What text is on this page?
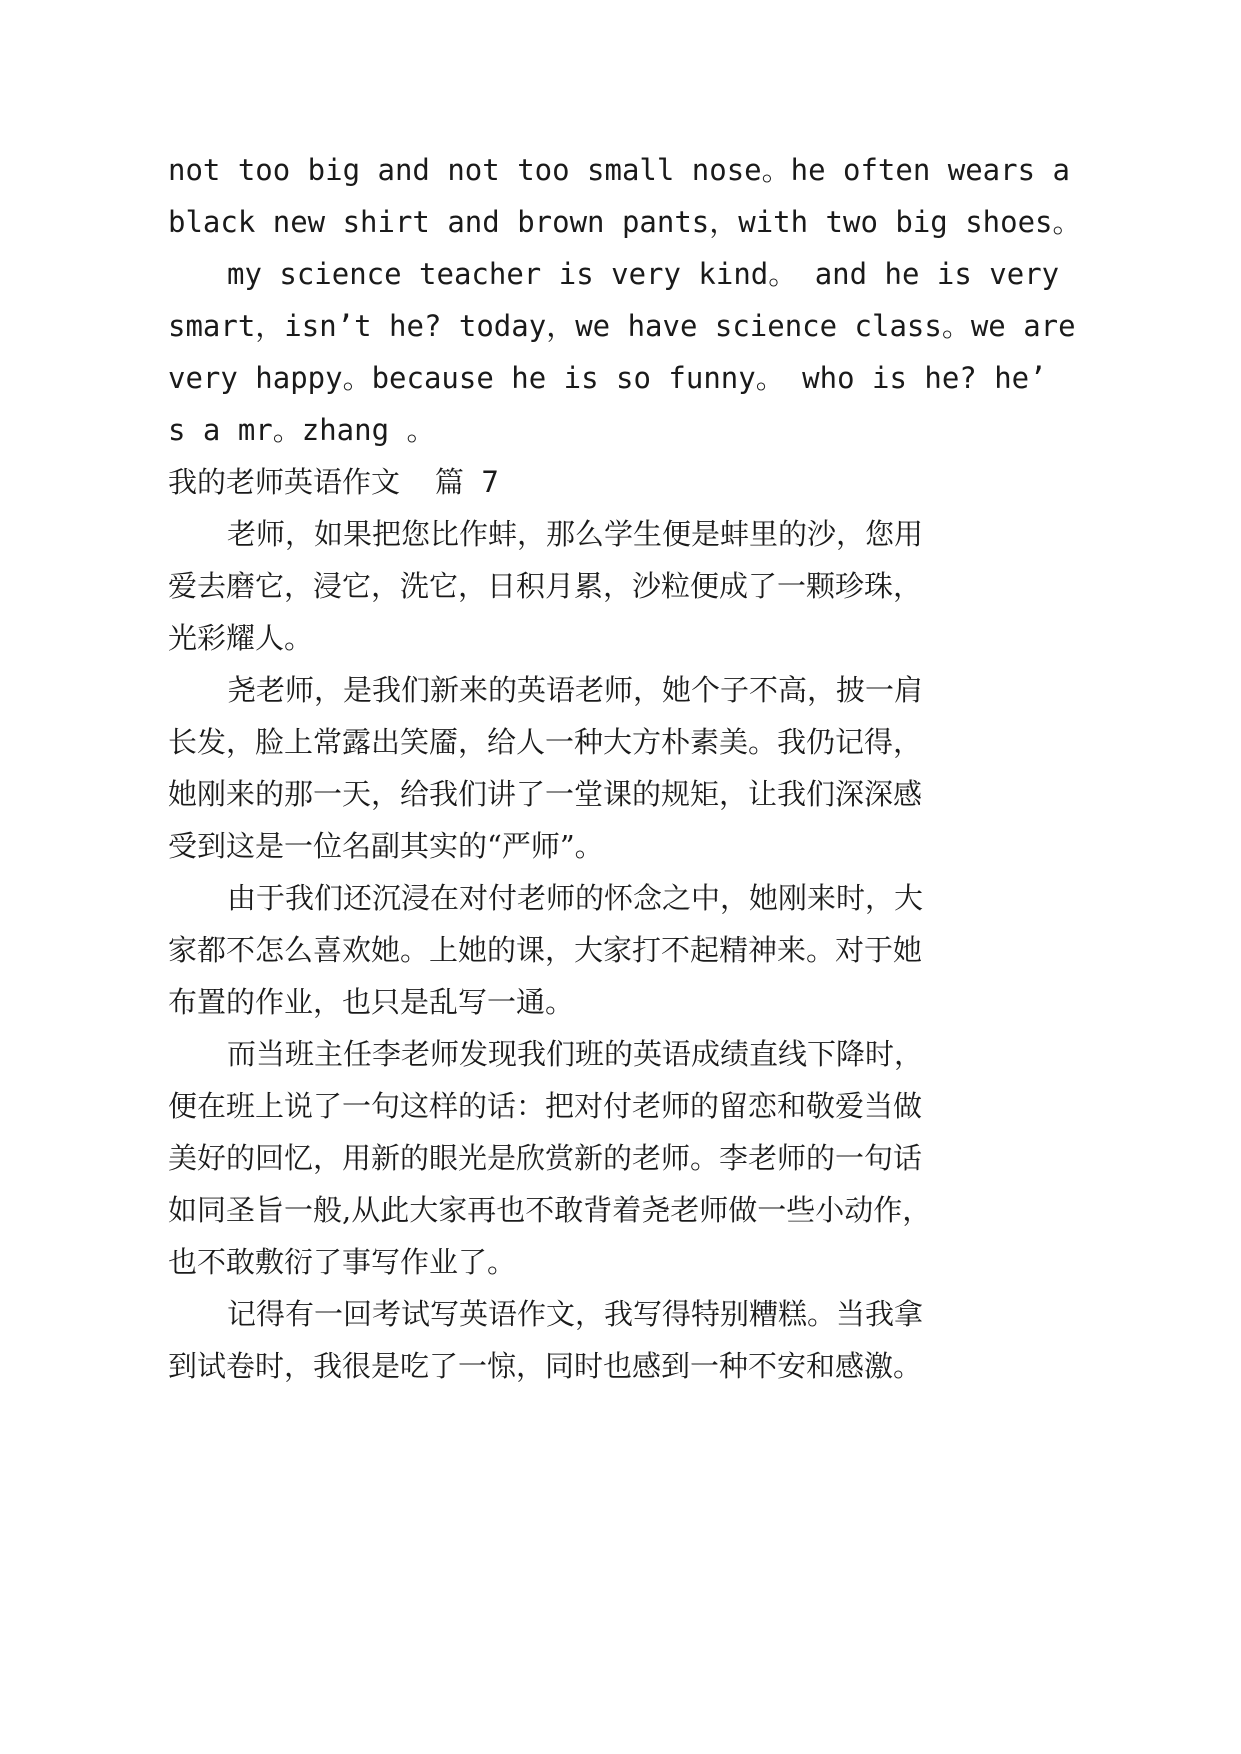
not too big and not too small nose。he often wears a
black new shirt and brown pants，with two big shoes。
my science teacher is very kind。 and he is very
smart，isn’t he? today，we have science class。we are
very happy。because he is so funny。 who is he? he’
s a mr。zhang 。
我的老师英语作文  篇 7
老师，如果把您比作蚌，那么学生便是蚌里的沙，您用
爱去磨它，浸它，洗它，日积月累，沙粒便成了一颗珍珠，
光彩耀人。
尧老师，是我们新来的英语老师，她个子不高，披一肩
长发，脸上常露出笑靥，给人一种大方朴素美。我仍记得，
她刚来的那一天，给我们讲了一堂课的规矩，让我们深深感
受到这是一位名副其实的“严师”。
由于我们还沉浸在对付老师的怀念之中，她刚来时，大
家都不怎么喜欢她。上她的课，大家打不起精神来。对于她
布置的作业，也只是乱写一通。
而当班主任李老师发现我们班的英语成绩直线下降时，
便在班上说了一句这样的话：把对付老师的留恋和敬爱当做
美好的回忆，用新的眼光是欣赏新的老师。李老师的一句话
如同圣旨一般,从此大家再也不敢背着尧老师做一些小动作，
也不敢敷衍了事写作业了。
记得有一回考试写英语作文，我写得特别糟糕。当我拿
到试卷时，我很是吃了一惊，同时也感到一种不安和感激。
